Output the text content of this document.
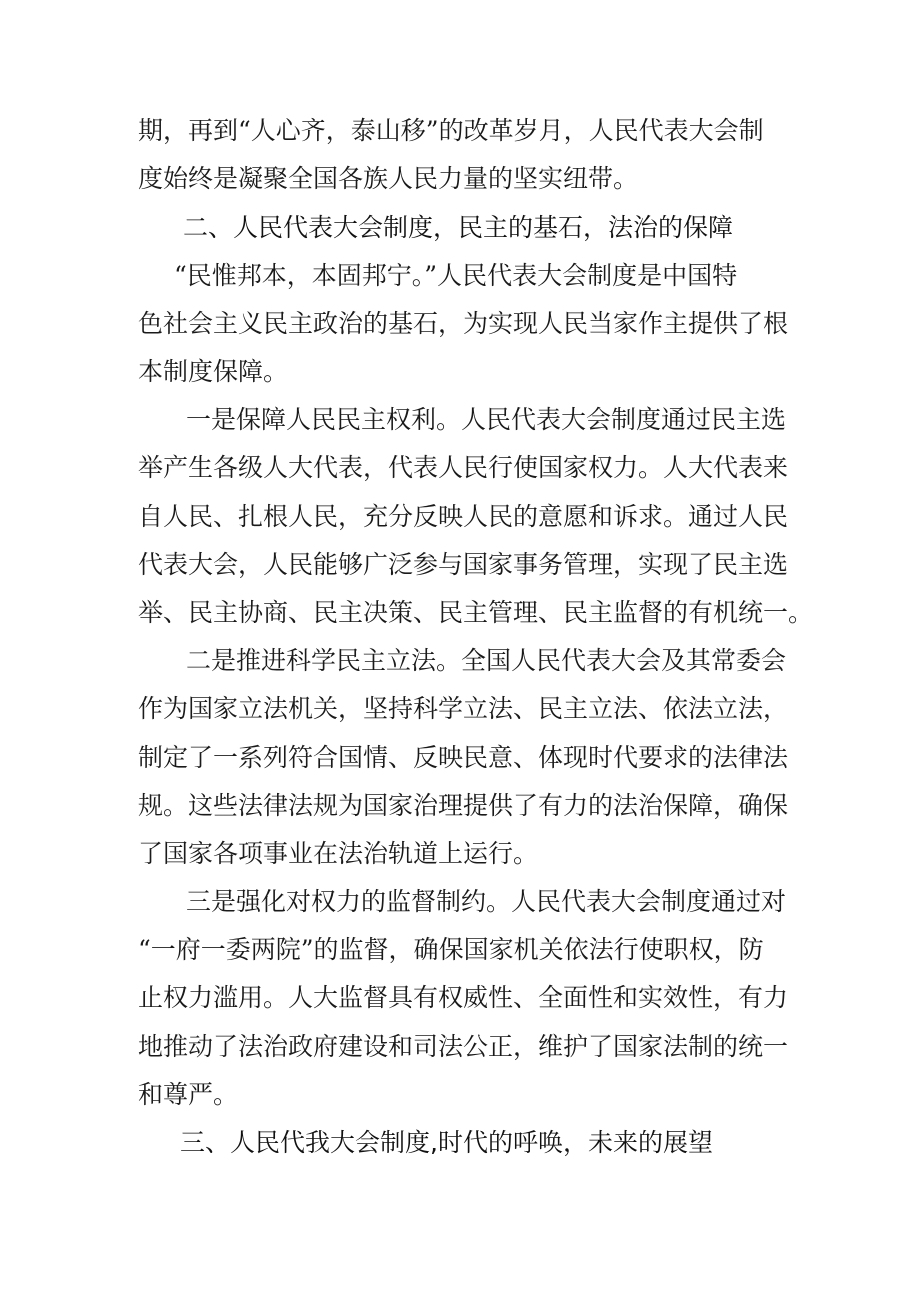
期，再到“人心齐，泰山移”的改革岁月，人民代表大会制
度始终是凝聚全国各族人民力量的坚实纽带。
二、人民代表大会制度，民主的基石，法治的保障
“民惟邦本，本固邦宁。”人民代表大会制度是中国特
色社会主义民主政治的基石，为实现人民当家作主提供了根
本制度保障。
一是保障人民民主权利。人民代表大会制度通过民主选
举产生各级人大代表，代表人民行使国家权力。人大代表来
自人民、扎根人民，充分反映人民的意愿和诉求。通过人民
代表大会，人民能够广泛参与国家事务管理，实现了民主选
举、民主协商、民主决策、民主管理、民主监督的有机统一。
二是推进科学民主立法。全国人民代表大会及其常委会
作为国家立法机关，坚持科学立法、民主立法、依法立法，
制定了一系列符合国情、反映民意、体现时代要求的法律法
规。这些法律法规为国家治理提供了有力的法治保障，确保
了国家各项事业在法治轨道上运行。
三是强化对权力的监督制约。人民代表大会制度通过对
“一府一委两院”的监督，确保国家机关依法行使职权，防
止权力滥用。人大监督具有权威性、全面性和实效性，有力
地推动了法治政府建设和司法公正，维护了国家法制的统一
和尊严。
三、人民代我大会制度,时代的呼唤，未来的展望
